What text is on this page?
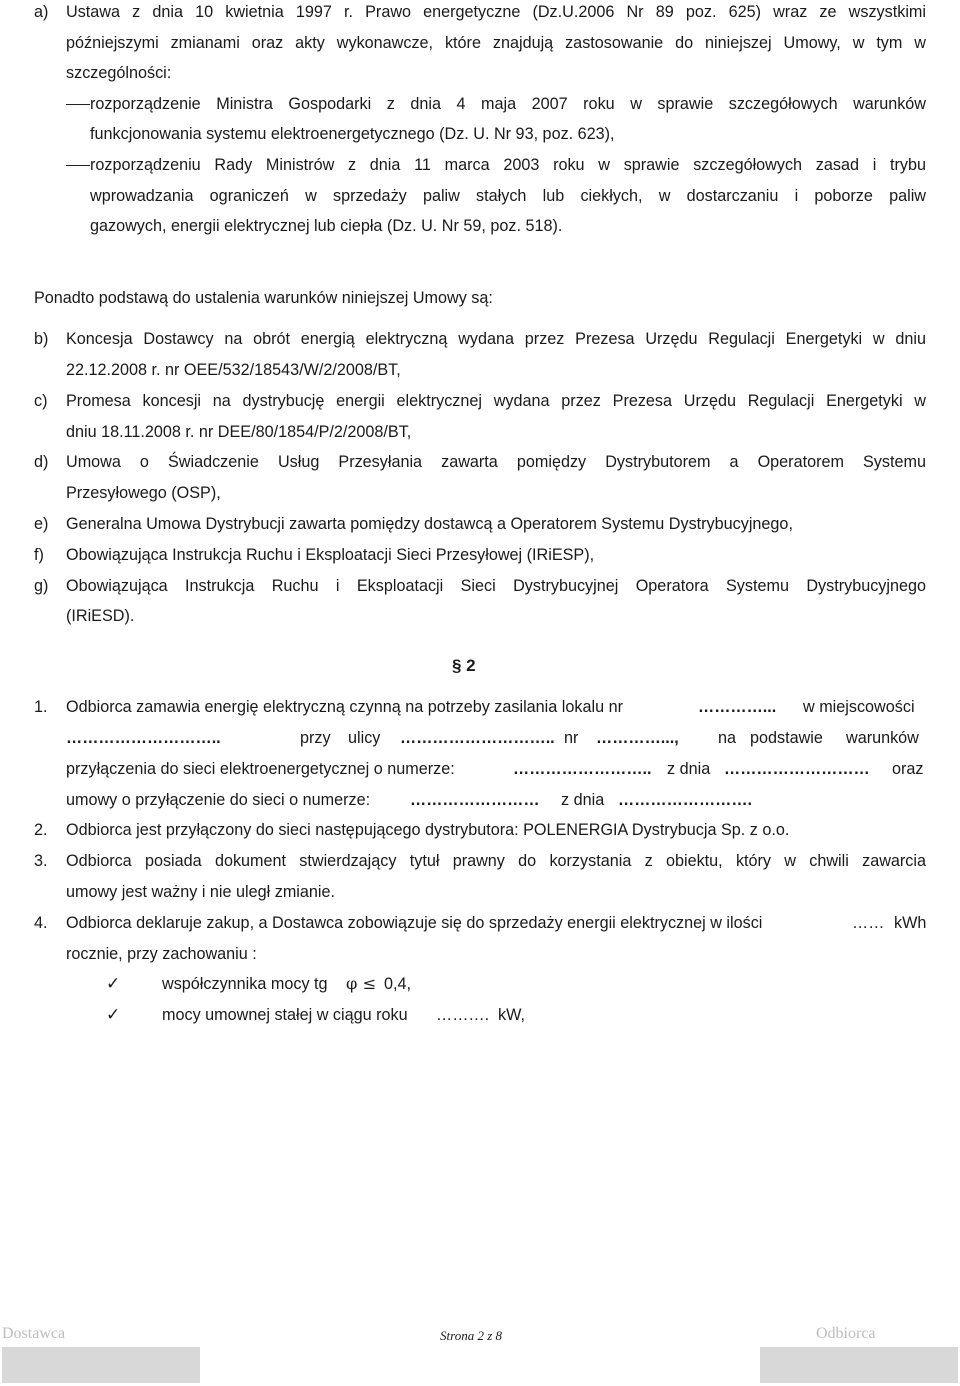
a) Ustawa z dnia 10 kwietnia 1997 r. Prawo energetyczne (Dz.U.2006 Nr 89 poz. 625) wraz ze wszystkimi
późniejszymi zmianami oraz akty wykonawcze, które znajdują zastosowanie do niniejszej Umowy, w tym w
szczególności:
rozporządzenie Ministra Gospodarki z dnia 4 maja 2007 roku w sprawie szczegółowych warunków
funkcjonowania systemu elektroenergetycznego (Dz. U. Nr 93, poz. 623),
rozporządzeniu Rady Ministrów z dnia 11 marca 2003 roku w sprawie szczegółowych zasad i trybu
wprowadzania ograniczeń w sprzedaży paliw stałych lub ciekłych, w dostarczaniu i poborze paliw
gazowych, energii elektrycznej lub ciepła (Dz. U. Nr 59, poz. 518).
Ponadto podstawą do ustalenia warunków niniejszej Umowy są:
b) Koncesja Dostawcy na obrót energią elektryczną wydana przez Prezesa Urzędu Regulacji Energetyki w dniu
22.12.2008 r. nr OEE/532/18543/W/2/2008/BT,
c) Promesa koncesji na dystrybucję energii elektrycznej wydana przez Prezesa Urzędu Regulacji Energetyki w
dniu 18.11.2008 r. nr DEE/80/1854/P/2/2008/BT,
d) Umowa o Świadczenie Usług Przesyłania zawarta pomiędzy Dystrybutorem a Operatorem Systemu
Przesyłowego (OSP),
e) Generalna Umowa Dystrybucji zawarta pomiędzy dostawcą a Operatorem Systemu Dystrybucyjnego,
f) Obowiązująca Instrukcja Ruchu i Eksploatacji Sieci Przesyłowej (IRiESP),
g) Obowiązująca Instrukcja Ruchu i Eksploatacji Sieci Dystrybucyjnej Operatora Systemu Dystrybucyjnego
(IRiESD).
§ 2
1. Odbiorca zamawia energię elektryczną czynną na potrzeby zasilania lokalu nr	…………... w miejscowości
………………………..	przy ulicy ……………………….. nr …………..., na podstawie warunków
przyłączenia do sieci elektroenergetycznej o numerze:	…………………….. z dnia ……………………… oraz
umowy o przyłączenie do sieci o numerze: …………………… z dnia …………………….
2. Odbiorca jest przyłączony do sieci następującego dystrybutora: POLENERGIA Dystrybucja Sp. z o.o.
3. Odbiorca posiada dokument stwierdzający tytuł prawny do korzystania z obiektu, który w chwili zawarcia
umowy jest ważny i nie uległ zmianie.
4. Odbiorca deklaruje zakup, a Dostawca zobowiązuje się do sprzedaży energii elektrycznej w ilości	…… kWh
rocznie, przy zachowaniu :
✓	współczynnika mocy tg φ ≤ 0,4,
✓	mocy umownej stałej w ciągu roku ………. kW,
Dostawca	Strona 2 z 8	Odbiorca
